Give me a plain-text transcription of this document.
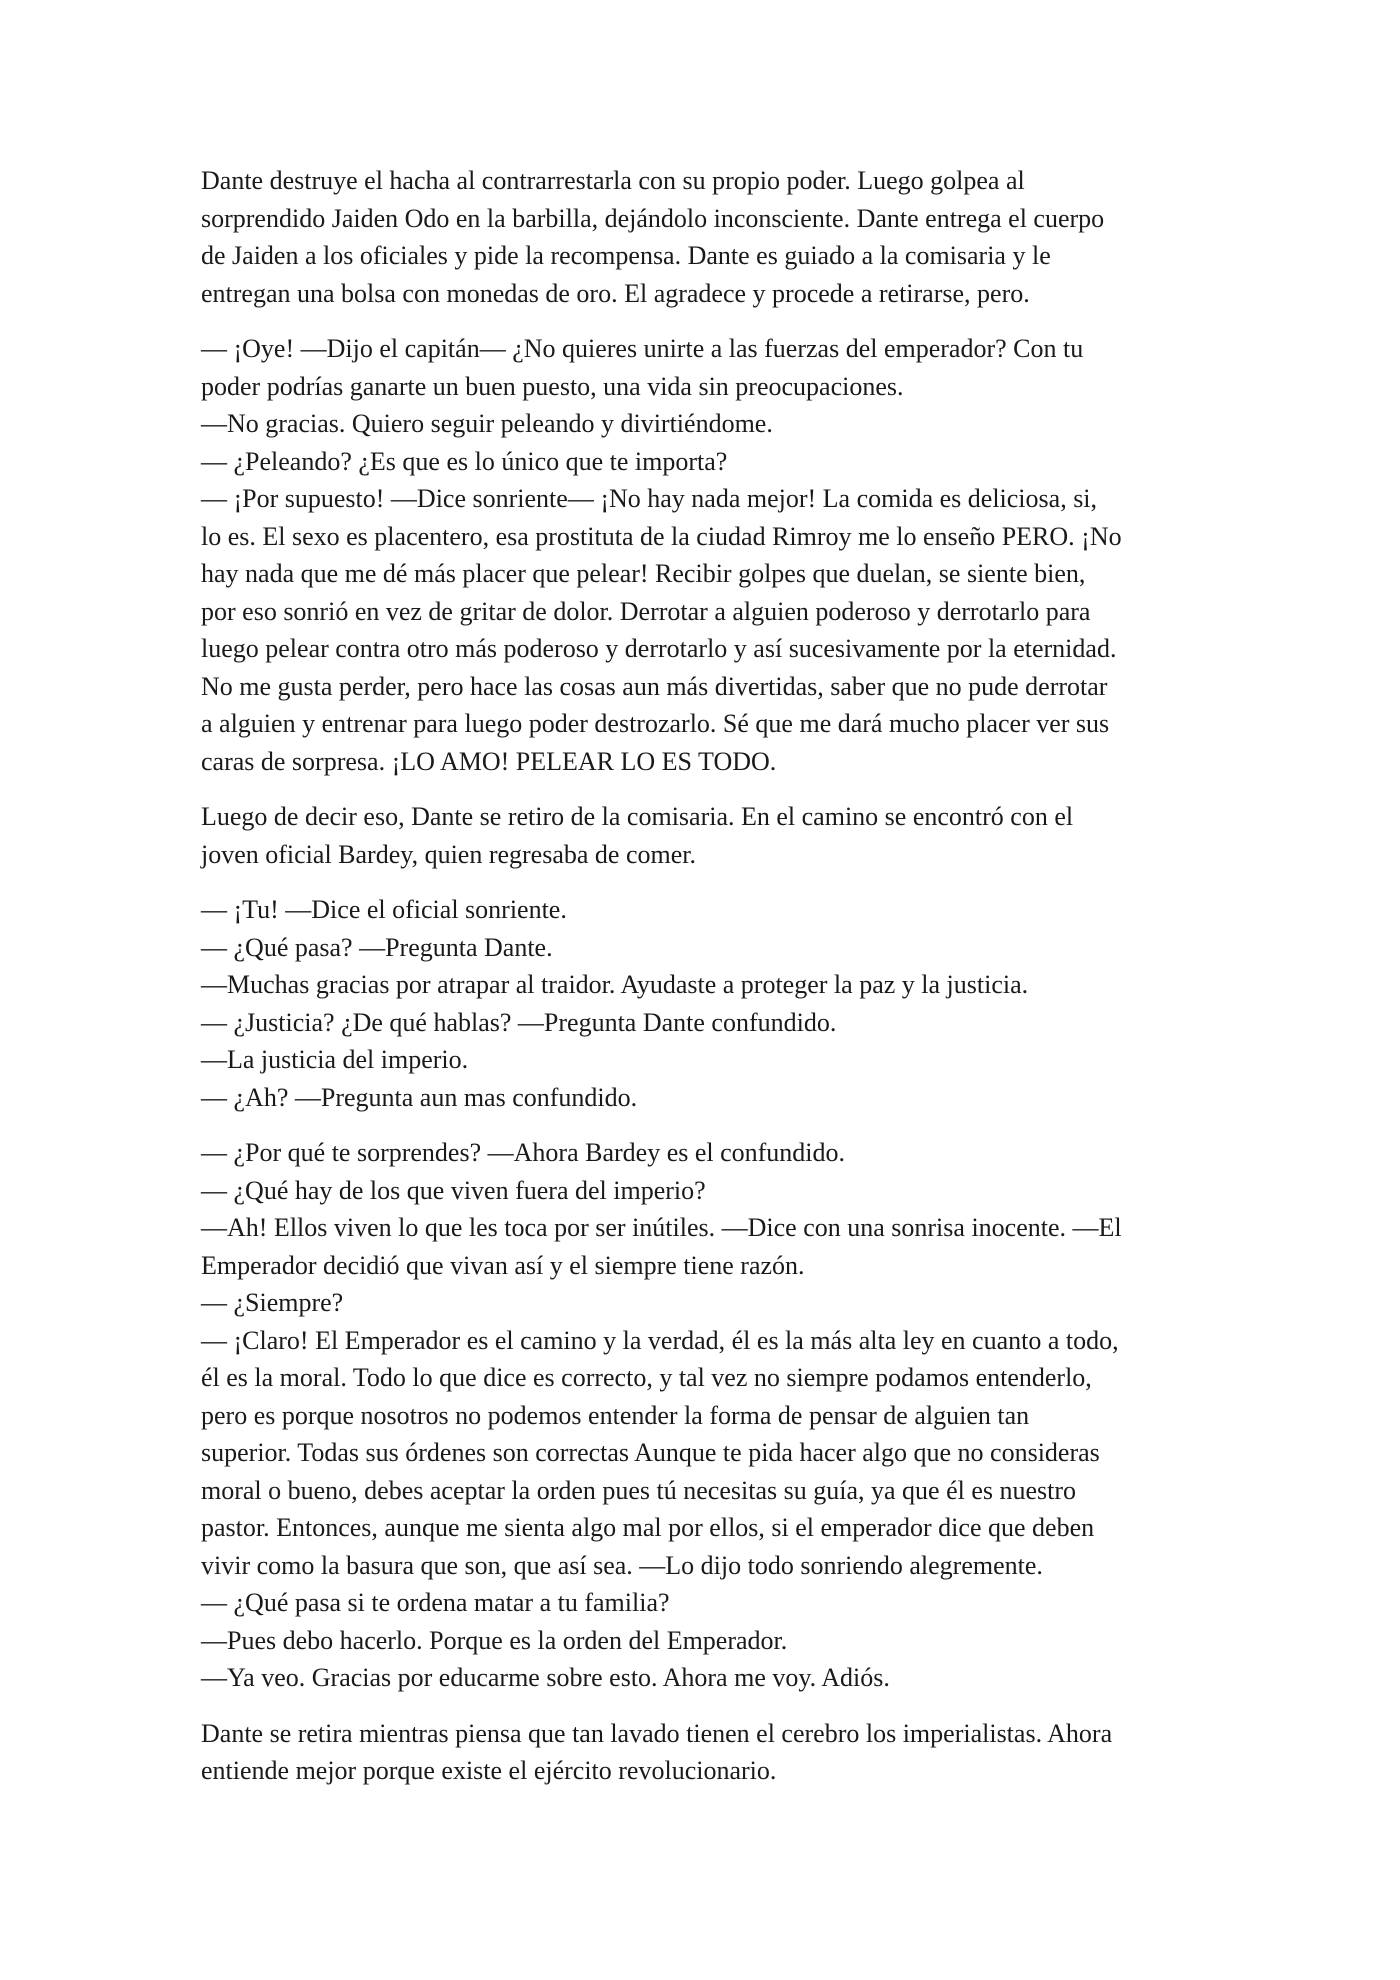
Dante destruye el hacha al contrarrestarla con su propio poder. Luego golpea al
sorprendido Jaiden Odo en la barbilla, dejándolo inconsciente. Dante entrega el cuerpo
de Jaiden a los oficiales y pide la recompensa. Dante es guiado a la comisaria y le
entregan una bolsa con monedas de oro. El agradece y procede a retirarse, pero.

— ¡Oye! —Dijo el capitán— ¿No quieres unirte a las fuerzas del emperador? Con tu
poder podrías ganarte un buen puesto, una vida sin preocupaciones.
—No gracias. Quiero seguir peleando y divirtiéndome.
— ¿Peleando? ¿Es que es lo único que te importa?
— ¡Por supuesto! —Dice sonriente— ¡No hay nada mejor! La comida es deliciosa, si,
lo es. El sexo es placentero, esa prostituta de la ciudad Rimroy me lo enseño PERO. ¡No
hay nada que me dé más placer que pelear! Recibir golpes que duelan, se siente bien,
por eso sonrió en vez de gritar de dolor. Derrotar a alguien poderoso y derrotarlo para
luego pelear contra otro más poderoso y derrotarlo y así sucesivamente por la eternidad.
No me gusta perder, pero hace las cosas aun más divertidas, saber que no pude derrotar
a alguien y entrenar para luego poder destrozarlo. Sé que me dará mucho placer ver sus
caras de sorpresa. ¡LO AMO! PELEAR LO ES TODO.

Luego de decir eso, Dante se retiro de la comisaria. En el camino se encontró con el
joven oficial Bardey, quien regresaba de comer.

— ¡Tu! —Dice el oficial sonriente.
— ¿Qué pasa? —Pregunta Dante.
—Muchas gracias por atrapar al traidor. Ayudaste a proteger la paz y la justicia.
— ¿Justicia? ¿De qué hablas? —Pregunta Dante confundido.
—La justicia del imperio.
— ¿Ah? —Pregunta aun mas confundido.

— ¿Por qué te sorprendes? —Ahora Bardey es el confundido.
— ¿Qué hay de los que viven fuera del imperio?
—Ah! Ellos viven lo que les toca por ser inútiles. —Dice con una sonrisa inocente. —El
Emperador decidió que vivan así y el siempre tiene razón.
— ¿Siempre?
— ¡Claro! El Emperador es el camino y la verdad, él es la más alta ley en cuanto a todo,
él es la moral. Todo lo que dice es correcto, y tal vez no siempre podamos entenderlo,
pero es porque nosotros no podemos entender la forma de pensar de alguien tan
superior. Todas sus órdenes son correctas Aunque te pida hacer algo que no consideras
moral o bueno, debes aceptar la orden pues tú necesitas su guía, ya que él es nuestro
pastor. Entonces, aunque me sienta algo mal por ellos, si el emperador dice que deben
vivir como la basura que son, que así sea. —Lo dijo todo sonriendo alegremente.
— ¿Qué pasa si te ordena matar a tu familia?
—Pues debo hacerlo. Porque es la orden del Emperador.
—Ya veo. Gracias por educarme sobre esto. Ahora me voy. Adiós.

Dante se retira mientras piensa que tan lavado tienen el cerebro los imperialistas. Ahora
entiende mejor porque existe el ejército revolucionario.
